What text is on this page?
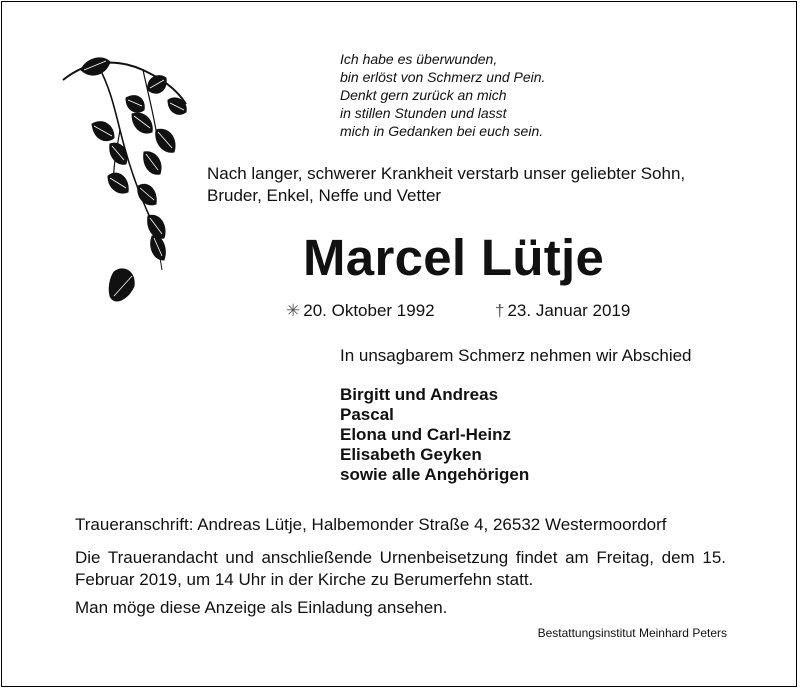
Ich habe es überwunden,
bin erlöst von Schmerz und Pein.
Denkt gern zurück an mich
in stillen Stunden und lasst
mich in Gedanken bei euch sein.
Nach langer, schwerer Krankheit verstarb unser geliebter Sohn,
Bruder, Enkel, Neffe und Vetter
Marcel Lütje
✳ 20. Oktober 1992	† 23. Januar 2019
In unsagbarem Schmerz nehmen wir Abschied
Birgitt und Andreas
Pascal
Elona und Carl-Heinz
Elisabeth Geyken
sowie alle Angehörigen
Traueranschrift: Andreas Lütje, Halbemonder Straße 4, 26532 Westermoordorf
Die Trauerandacht und anschließende Urnenbeisetzung findet am Freitag, dem 15. Februar 2019, um 14 Uhr in der Kirche zu Berumerfehn statt.
Man möge diese Anzeige als Einladung ansehen.
Bestattungsinstitut Meinhard Peters
